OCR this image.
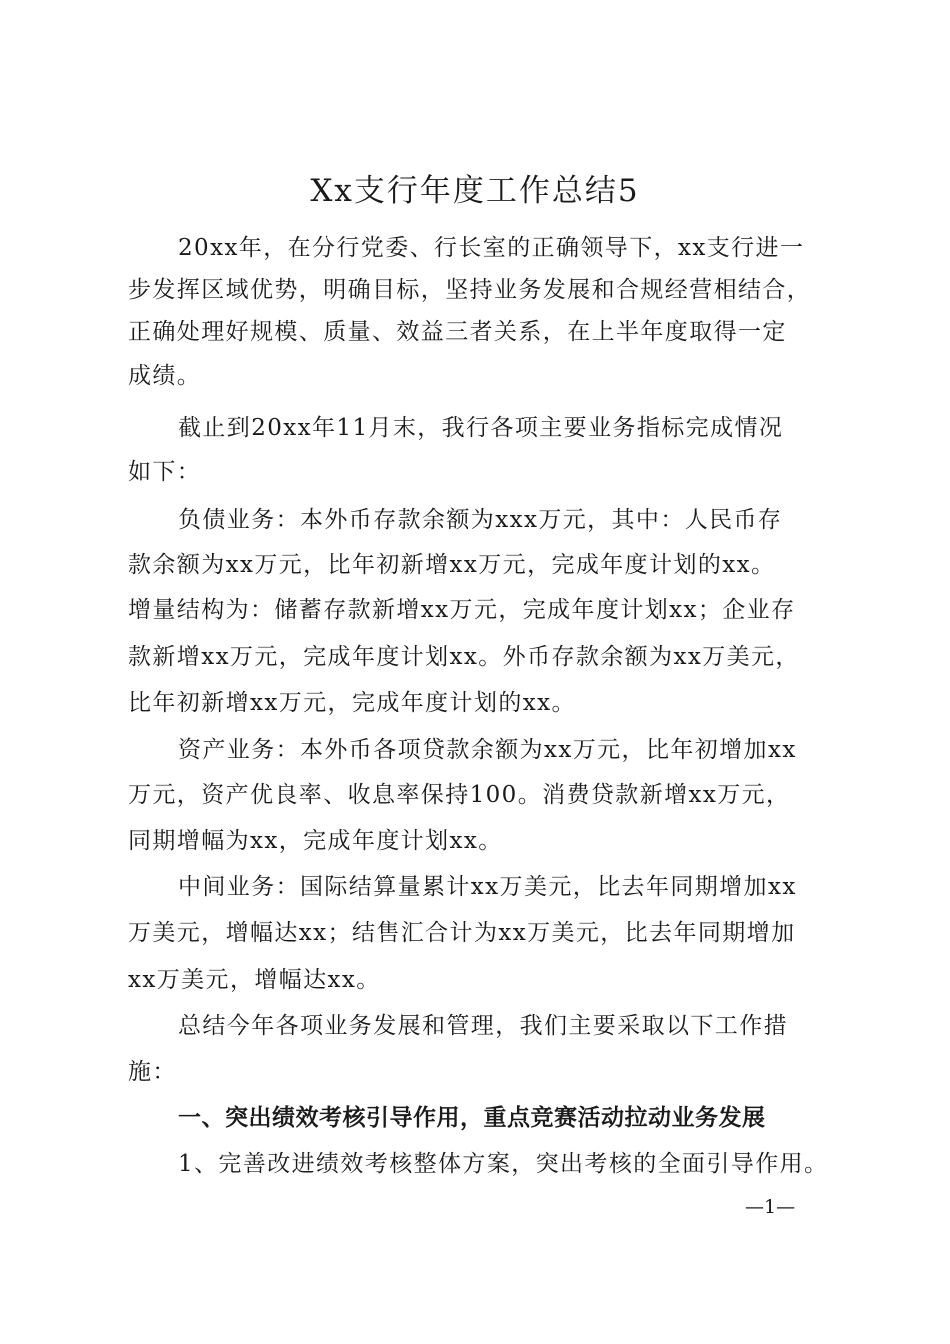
Xx支行年度工作总结5
20xx年，在分行党委、行长室的正确领导下，xx支行进一
步发挥区域优势，明确目标，坚持业务发展和合规经营相结合，
正确处理好规模、质量、效益三者关系，在上半年度取得一定
成绩。
截止到20xx年11月末，我行各项主要业务指标完成情况
如下：
负债业务：本外币存款余额为xxx万元，其中：人民币存
款余额为xx万元，比年初新增xx万元，完成年度计划的xx。
增量结构为：储蓄存款新增xx万元，完成年度计划xx；企业存
款新增xx万元，完成年度计划xx。外币存款余额为xx万美元，
比年初新增xx万元，完成年度计划的xx。
资产业务：本外币各项贷款余额为xx万元，比年初增加xx
万元，资产优良率、收息率保持100。消费贷款新增xx万元，
同期增幅为xx，完成年度计划xx。
中间业务：国际结算量累计xx万美元，比去年同期增加xx
万美元，增幅达xx；结售汇合计为xx万美元，比去年同期增加
xx万美元，增幅达xx。
总结今年各项业务发展和管理，我们主要采取以下工作措
施：
一、突出绩效考核引导作用，重点竞赛活动拉动业务发展
1、完善改进绩效考核整体方案，突出考核的全面引导作用。
—1—
